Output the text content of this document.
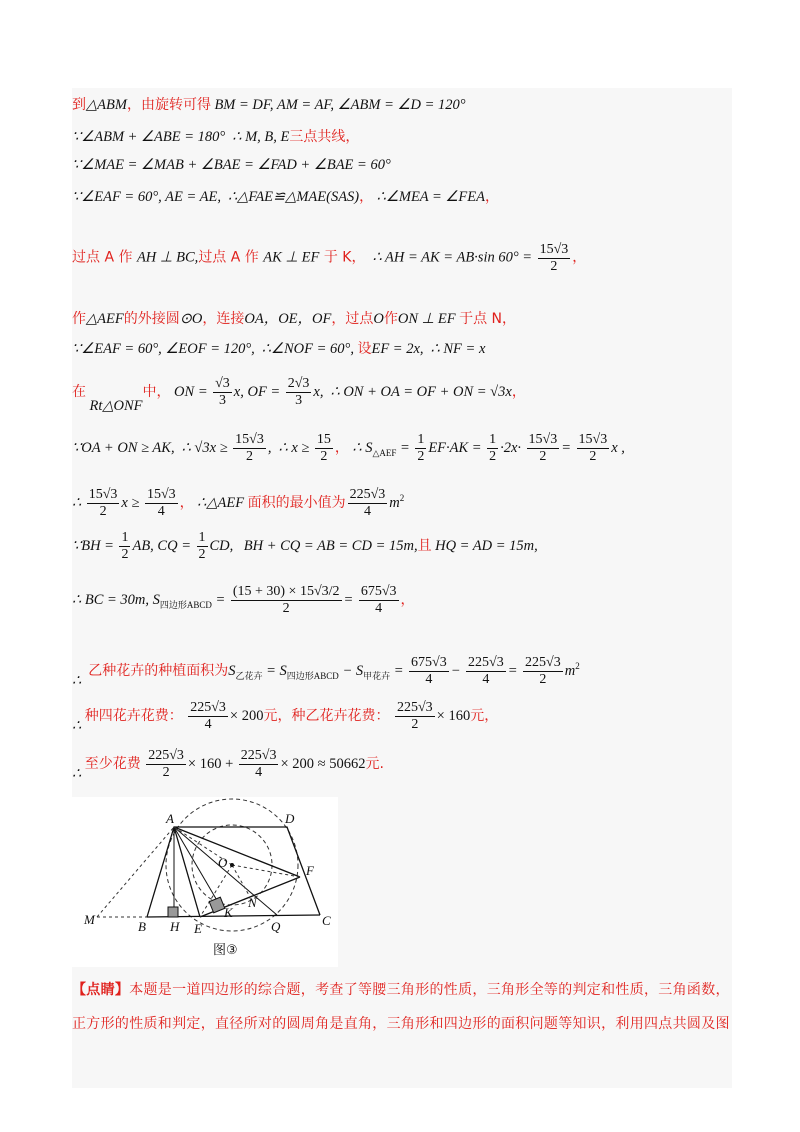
到△ABM，由旋转可得 BM = DF, AM = AF, ∠ABM = ∠D = 120°
∵∠ABM + ∠ABE = 180° ∴ M, B, E三点共线，
∵∠MAE = ∠MAB + ∠BAE = ∠FAD + ∠BAE = 60°
∵∠EAF = 60°, AE = AE, ∴△FAE≌△MAE(SAS)， ∴∠MEA = ∠FEA，
过点 A 作 AH ⊥ BC,过点 A 作 AK ⊥ EF 于 K， ∴ AH = AK = AB·sin $60^\circ = \frac{15√3}{2}$ ，
作△AEF的外接圆⊙O，连接OA，OE，OF，过点O作ON ⊥ EF 于点 N，
∵∠EAF = 60°, ∠EOF = 120°, ∴∠NOF = 60°, 设EF = 2x, ∴ NF = x
在 Rt△ONF中， ON = $\frac{√3}{3} x$, OF = $\frac{2√3}{3} x$, ∴ ON + OA = OF + ON = √3x，
∵OA + ON ≥ AK, ∴ $√3x \ge \frac{15√3}{2}$ , ∴ $x \ge \frac{15}{2}$ ， ∴ $S_{\triangle AEF} = \frac{1}{2} EF\cdot AK = \frac{1}{2} \cdot 2x\cdot \frac{15√3}{2} = \frac{15√3}{2}$ x ,
∴ $\frac{15√3}{2}$ $x \ge \frac{15√3}{4}$ ， ∴△AEF 面积的最小值为 $\frac{225√3}{4} m^2$
∵BH = $\frac{1}{2}$ AB, CQ = $\frac{1}{2}$ CD, BH + CQ = AB = CD = 15m,且 HQ = AD = 15m,
∴ BC = 30m, $S_{四边形ABCD} = \frac{(15 + 30) \times 15√3/2}{2} = \frac{675√3}{4}$ ，
∴  乙种花卉的种植面积为$S_{乙花卉} = S_{四边形ABCD} - S_{甲花卉} = \frac{675√3}{4} - \frac{225√3}{4} = \frac{225√3}{2} m^2$
∴ 种四花卉花费： $\frac{225√3}{4} \times 200$元，种乙花卉花费： $\frac{225√3}{2} \times 160$元，
∴ 至少花费 $\frac{225√3}{2} \times 160 + \frac{225√3}{4} \times 200 \approx 50662$元.
A	D
O
F
M	B H E
K
N
Q	C
图③
【点睛】本题是一道四边形的综合题，考查了等腰三角形的性质，三角形全等的判定和性质，三角函数，正方形的性质和判定，直径所对的圆周角是直角，三角形和四边形的面积问题等知识，利用四点共圆及图
